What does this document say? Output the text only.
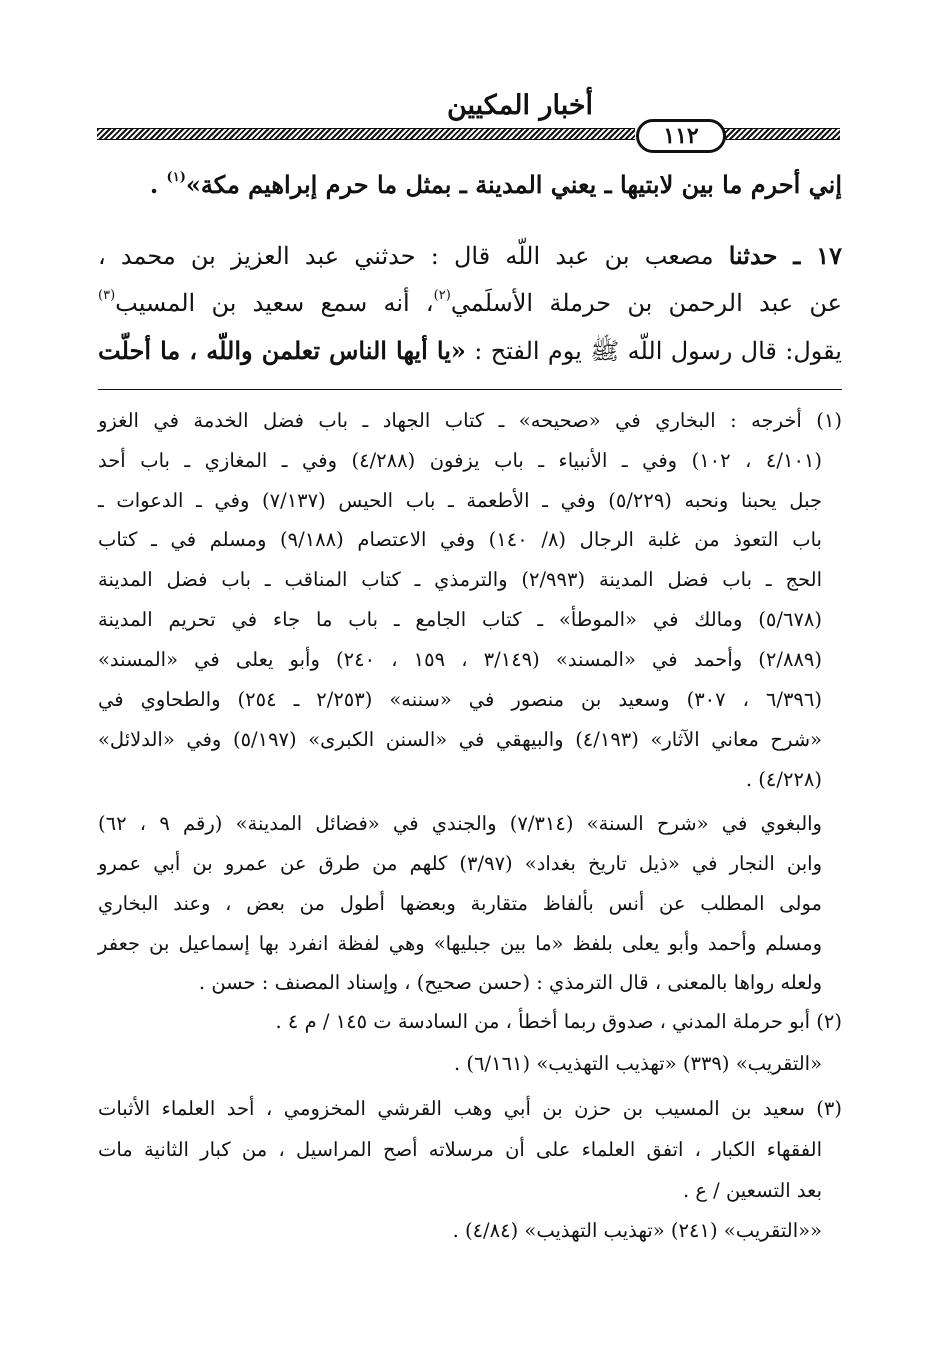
أخبار المكيين
١١٢
إني أحرم ما بين لابتيها ـ يعني المدينة ـ بمثل ما حرم إبراهيم مكة»$^{(١)}$ .
١٧ ـ حدثنا مصعب بن عبد اللّه قال : حدثني عبد العزيز بن محمد ،
عن عبد الرحمن بن حرملة الأسلَمي$^{(٢)}$، أنه سمع سعيد بن المسيب$^{(٣)}$
يقول: قال رسول اللّه ﷺ يوم الفتح : «يا أيها الناس تعلمن واللّه ، ما أحلّت
(١) أخرجه : البخاري في «صحيحه» ـ كتاب الجهاد ـ باب فضل الخدمة في الغزو
(٤/١٠١ ، ١٠٢) وفي ـ الأنبياء ـ باب يزفون (٤/٢٨٨) وفي ـ المغازي ـ باب أحد
جبل يحبنا ونحبه (٥/٢٢٩) وفي ـ الأطعمة ـ باب الحيس (٧/١٣٧) وفي ـ الدعوات ـ
باب التعوذ من غلبة الرجال (٨/ ١٤٠) وفي الاعتصام (٩/١٨٨) ومسلم في ـ كتاب
الحج ـ باب فضل المدينة (٢/٩٩٣) والترمذي ـ كتاب المناقب ـ باب فضل المدينة
(٥/٦٧٨) ومالك في «الموطأ» ـ كتاب الجامع ـ باب ما جاء في تحريم المدينة
(٢/٨٨٩) وأحمد في «المسند» (٣/١٤٩ ، ١٥٩ ، ٢٤٠) وأبو يعلى في «المسند»
(٦/٣٩٦ ، ٣٠٧) وسعيد بن منصور في «سننه» (٢/٢٥٣ ـ ٢٥٤) والطحاوي في
«شرح معاني الآثار» (٤/١٩٣) والبيهقي في «السنن الكبرى» (٥/١٩٧) وفي «الدلائل»
(٤/٢٢٨) .
والبغوي في «شرح السنة» (٧/٣١٤) والجندي في «فضائل المدينة» (رقم ٩ ، ٦٢)
وابن النجار في «ذيل تاريخ بغداد» (٣/٩٧) كلهم من طرق عن عمرو بن أبي عمرو
مولى المطلب عن أنس بألفاظ متقاربة وبعضها أطول من بعض ، وعند البخاري
ومسلم وأحمد وأبو يعلى بلفظ «ما بين جبليها» وهي لفظة انفرد بها إسماعيل بن جعفر
ولعله رواها بالمعنى ، قال الترمذي : (حسن صحيح) ، وإسناد المصنف : حسن .
(٢) أبو حرملة المدني ، صدوق ربما أخطأ ، من السادسة ت ١٤٥ / م ٤ .
«التقريب» (٣٣٩) «تهذيب التهذيب» (٦/١٦١) .
(٣) سعيد بن المسيب بن حزن بن أبي وهب القرشي المخزومي ، أحد العلماء الأثبات
الفقهاء الكبار ، اتفق العلماء على أن مرسلاته أصح المراسيل ، من كبار الثانية مات
بعد التسعين / ع .
««التقريب» (٢٤١) «تهذيب التهذيب» (٤/٨٤) .
